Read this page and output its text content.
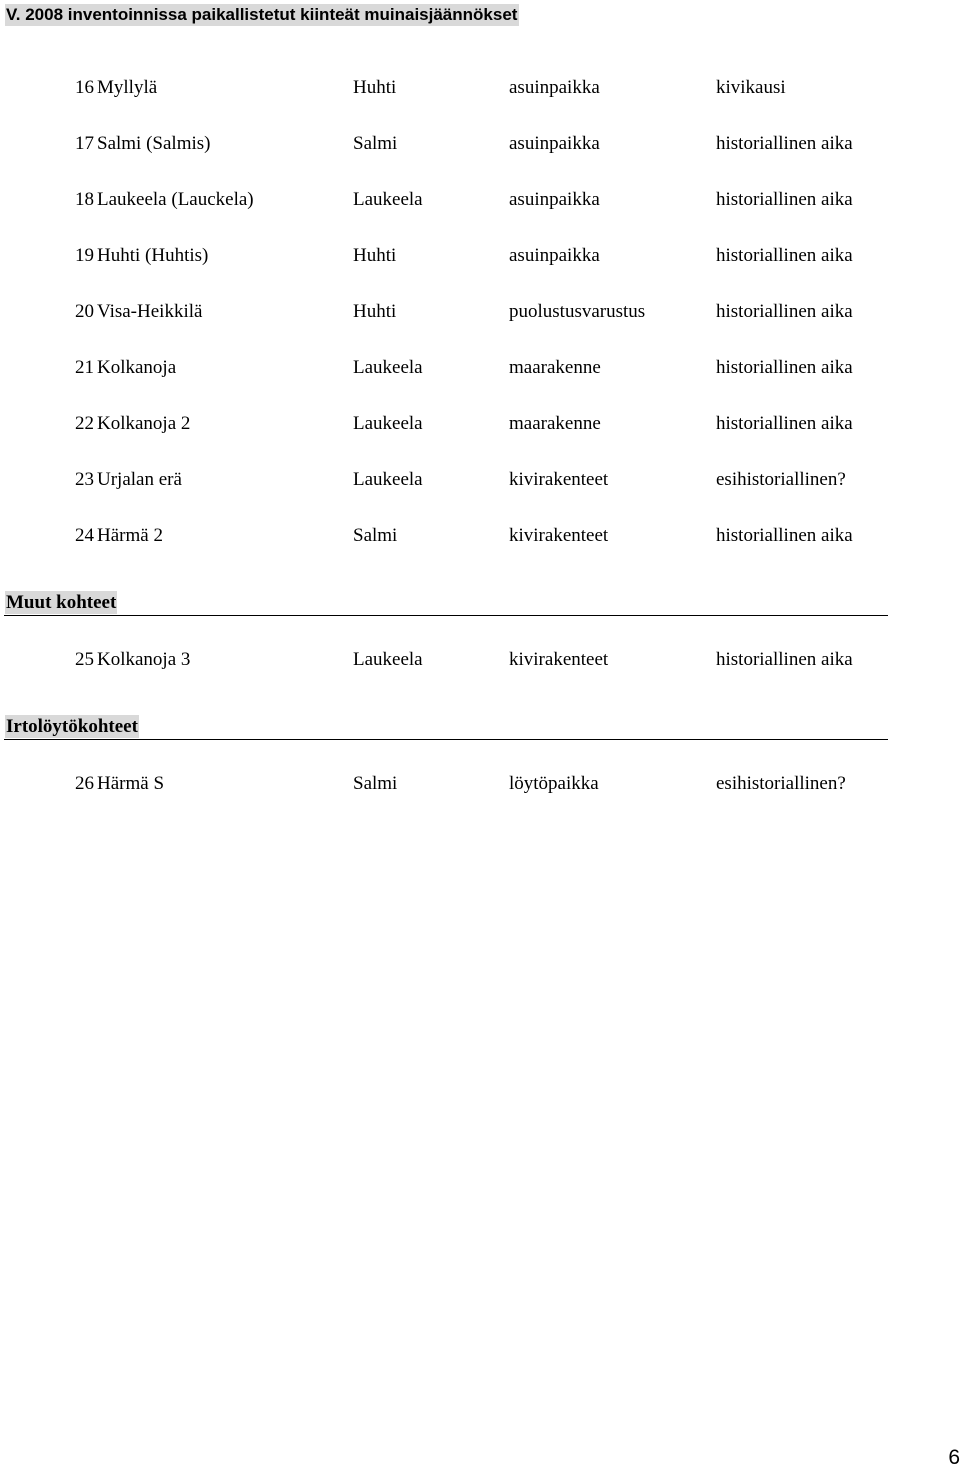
V. 2008 inventoinnissa paikallistetut kiinteät muinaisjäännökset
16 Myllylä	Huhti	asuinpaikka	kivikausi
17 Salmi (Salmis)	Salmi	asuinpaikka	historiallinen aika
18 Laukeela (Lauckela)	Laukeela	asuinpaikka	historiallinen aika
19 Huhti (Huhtis)	Huhti	asuinpaikka	historiallinen aika
20 Visa-Heikkilä	Huhti	puolustusvarustus	historiallinen aika
21 Kolkanoja	Laukeela	maarakenne	historiallinen aika
22 Kolkanoja 2	Laukeela	maarakenne	historiallinen aika
23 Urjalan erä	Laukeela	kivirakenteet	esihistoriallinen?
24 Härmä 2	Salmi	kivirakenteet	historiallinen aika
Muut kohteet
25 Kolkanoja 3	Laukeela	kivirakenteet	historiallinen aika
Irtolöytökohteet
26 Härmä S	Salmi	löytöpaikka	esihistoriallinen?
6
